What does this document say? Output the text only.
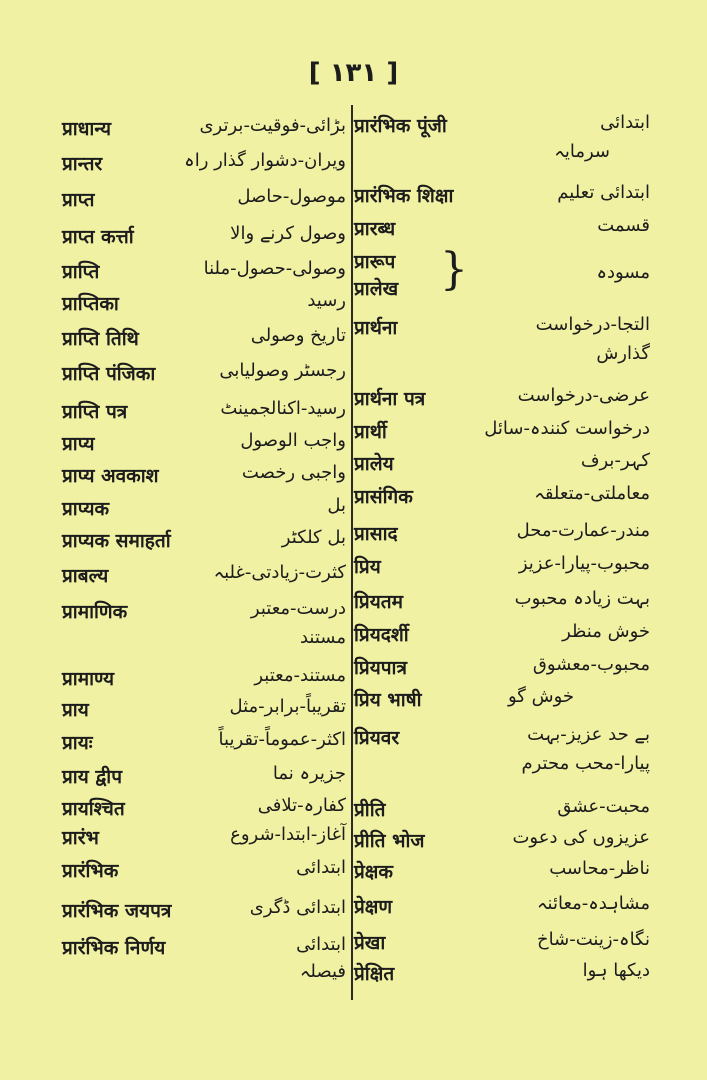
[ ١٣١ ]
प्राधान्य	بڑائی-فوقیت-برتری
प्रान्तर	ویران-دشوار گذار راہ
प्राप्त	موصول-حاصل
प्राप्त कर्त्ता	وصول کرنے والا
प्राप्ति	وصولی-حصول-ملنا
प्राप्तिका	رسید
प्राप्ति तिथि	تاریخ وصولی
प्राप्ति पंजिका	رجسٹر وصولیابی
प्राप्ति पत्र	رسید-اکنالجمینٹ
प्राप्य	واجب الوصول
प्राप्य अवकाश	واجبی رخصت
प्राप्यक	بل
प्राप्यक समाहर्ता	بل کلکٹر
प्राबल्य	کثرت-زیادتی-غلبہ
प्रामाणिक	درست-معتبر
مستند
प्रामाण्य	مستند-معتبر
प्राय	تقریباً-برابر-مثل
प्रायः	اکثر-عموماً-تقریباً
प्राय द्वीप	جزیرہ نما
प्रायश्चित	کفارہ-تلافی
प्रारंभ	آغاز-ابتدا-شروع
प्रारंभिक	ابتدائی
प्रारंभिक जयपत्र	ابتدائی ڈگری
प्रारंभिक निर्णय	ابتدائی
فیصلہ
प्रारंभिक पूंजी	ابتدائی
سرمایہ
प्रारंभिक शिक्षा	ابتدائی تعلیم
प्रारब्ध	قسمت
प्रारूप
प्रालेख }	مسودہ
प्रार्थना	التجا-درخواست
گذارش
प्रार्थना पत्र	عرضی-درخواست
प्रार्थी	درخواست کنندہ-سائل
प्रालेय	کہر-برف
प्रासंगिक	معاملتی-متعلقہ
प्रासाद	مندر-عمارت-محل
प्रिय	محبوب-پیارا-عزیز
प्रियतम	بہت زیادہ محبوب
प्रियदर्शी	خوش منظر
प्रियपात्र	محبوب-معشوق
प्रिय भाषी	خوش گو
प्रियवर	بے حد عزیز-بہت
پیارا-محب محترم
प्रीति	محبت-عشق
प्रीति भोज	عزیزوں کی دعوت
प्रेक्षक	ناظر-محاسب
प्रेक्षण	مشاہدہ-معائنہ
प्रेखा	نگاہ-زینت-شاخ
प्रेक्षित	دیکھا ہوا
